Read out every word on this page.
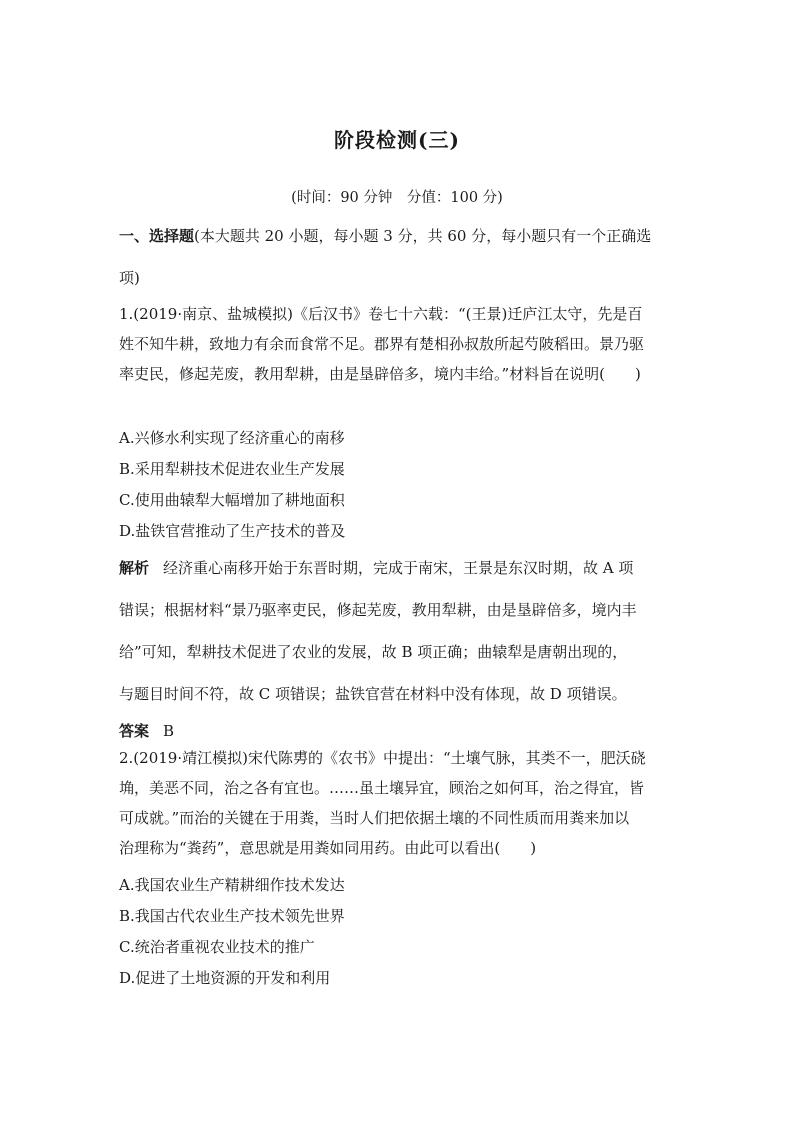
阶段检测(三)
(时间：90 分钟　分值：100 分)
一、选择题(本大题共 20 小题，每小题 3 分，共 60 分，每小题只有一个正确选
项)
1.(2019·南京、盐城模拟)《后汉书》卷七十六载：“(王景)迁庐江太守，先是百
姓不知牛耕，致地力有余而食常不足。郡界有楚相孙叔敖所起芍陂稻田。景乃驱
率吏民，修起芜废，教用犁耕，由是垦辟倍多，境内丰给。”材料旨在说明(　　)
A.兴修水利实现了经济重心的南移
B.采用犁耕技术促进农业生产发展
C.使用曲辕犁大幅增加了耕地面积
D.盐铁官营推动了生产技术的普及
解析 经济重心南移开始于东晋时期，完成于南宋，王景是东汉时期，故 A 项
错误；根据材料“景乃驱率吏民，修起芜废，教用犁耕，由是垦辟倍多，境内丰
给”可知，犁耕技术促进了农业的发展，故 B 项正确；曲辕犁是唐朝出现的，
与题目时间不符，故 C 项错误；盐铁官营在材料中没有体现，故 D 项错误。
答案 B
2.(2019·靖江模拟)宋代陈旉的《农书》中提出：“土壤气脉，其类不一，肥沃硗
埆，美恶不同，治之各有宜也。……虽土壤异宜，顾治之如何耳，治之得宜，皆
可成就。”而治的关键在于用粪，当时人们把依据土壤的不同性质而用粪来加以
治理称为“粪药”，意思就是用粪如同用药。由此可以看出(　　)
A.我国农业生产精耕细作技术发达
B.我国古代农业生产技术领先世界
C.统治者重视农业技术的推广
D.促进了土地资源的开发和利用
